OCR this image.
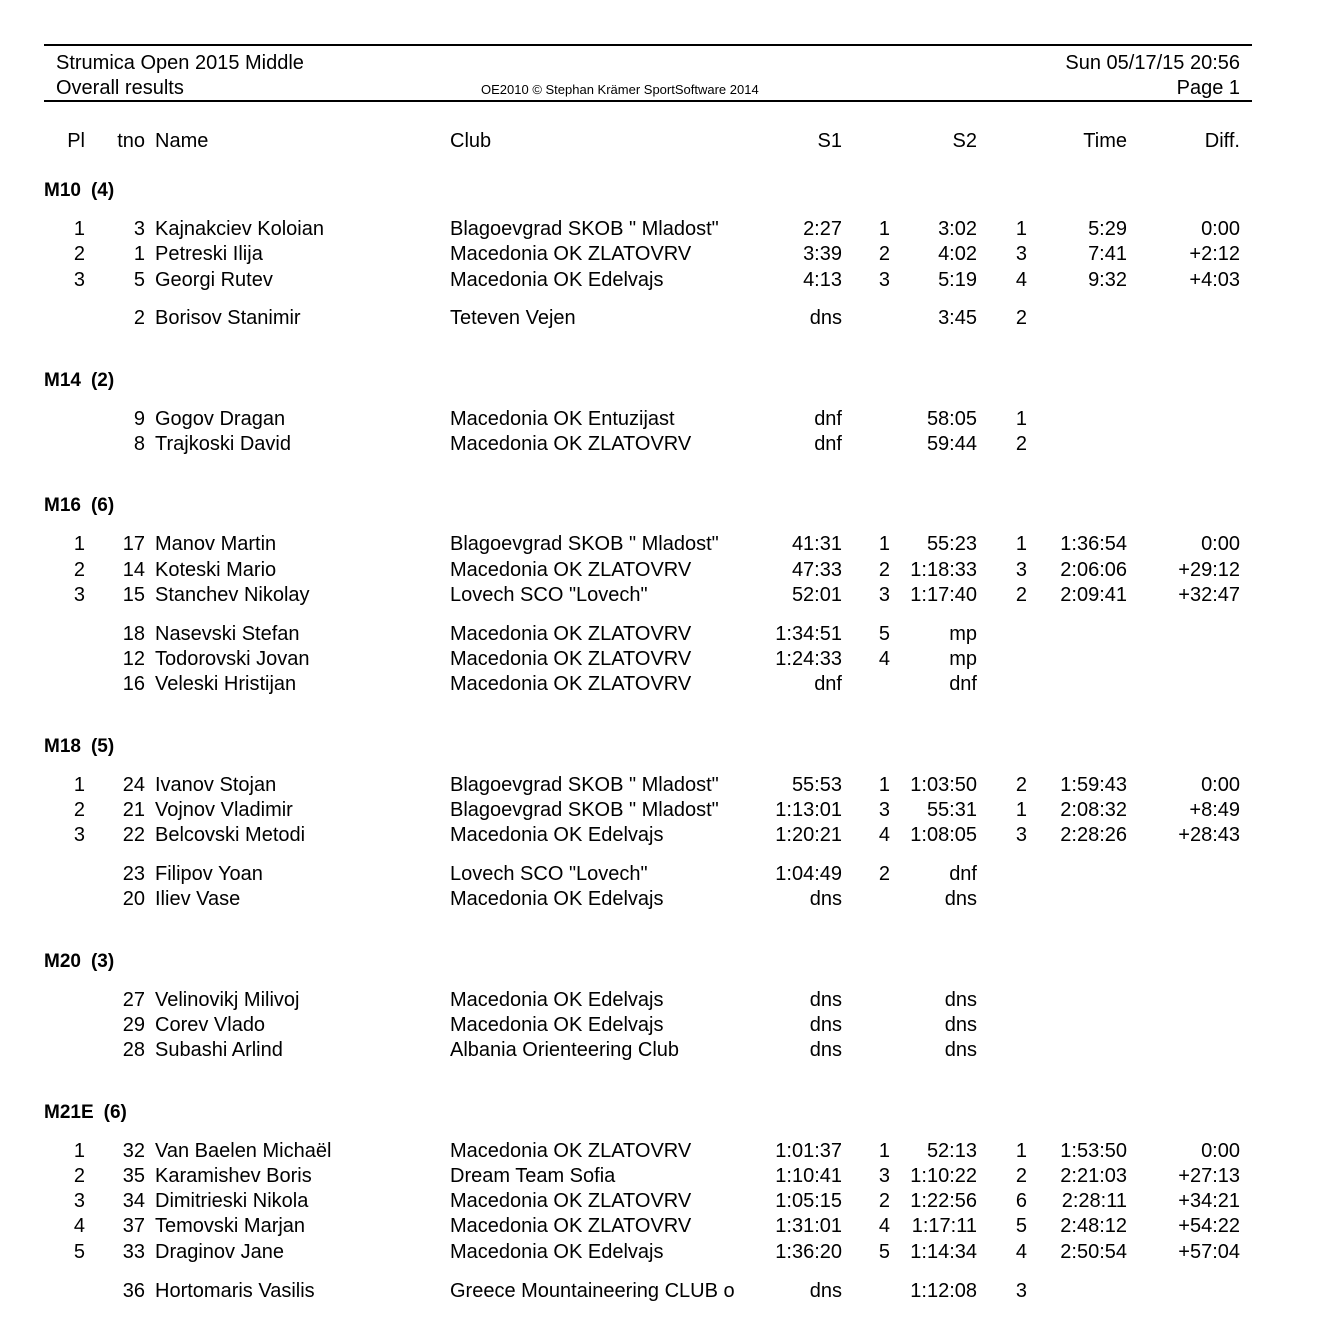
Strumica Open 2015 Middle
Overall results	OE2010 © Stephan Krämer SportSoftware 2014
Sun 05/17/15 20:56
Page 1
Pl tno Name	Club	S1	S2	Time	Diff.
M10 (4)
1 3 Kajnakciev Koloian	Blagoevgrad SKOB " Mladost"	2:27 1 3:02 1	5:29	0:00
2 1 Petreski Ilija	Macedonia OK ZLATOVRV	3:39 2 4:02 3	7:41	+2:12
3 5 Georgi Rutev	Macedonia OK Edelvajs	4:13 3 5:19 4	9:32	+4:03
2 Borisov Stanimir	Teteven Vejen	dns	3:45 2
M14 (2)
9 Gogov Dragan	Macedonia OK Entuzijast	dnf	58:05 1
8 Trajkoski David	Macedonia OK ZLATOVRV	dnf	59:44 2
M16 (6)
1 17 Manov Martin	Blagoevgrad SKOB " Mladost"	41:31 1 55:23 1 1:36:54	0:00
2 14 Koteski Mario	Macedonia OK ZLATOVRV	47:33 2 1:18:33 3 2:06:06	+29:12
3 15 Stanchev Nikolay	Lovech SCO "Lovech"	52:01 3 1:17:40 2 2:09:41	+32:47
18 Nasevski Stefan	Macedonia OK ZLATOVRV	1:34:51 5	mp
12 Todorovski Jovan	Macedonia OK ZLATOVRV	1:24:33 4	mp
16 Veleski Hristijan	Macedonia OK ZLATOVRV	dnf	dnf
M18 (5)
1 24 Ivanov Stojan	Blagoevgrad SKOB " Mladost"	55:53 1 1:03:50 2 1:59:43	0:00
2 21 Vojnov Vladimir	Blagoevgrad SKOB " Mladost"	1:13:01 3 55:31 1 2:08:32	+8:49
3 22 Belcovski Metodi	Macedonia OK Edelvajs	1:20:21 4 1:08:05 3 2:28:26	+28:43
23 Filipov Yoan	Lovech SCO "Lovech"	1:04:49 2	dnf
20 Iliev Vase	Macedonia OK Edelvajs	dns	dns
M20 (3)
27 Velinovikj Milivoj	Macedonia OK Edelvajs	dns	dns
29 Corev Vlado	Macedonia OK Edelvajs	dns	dns
28 Subashi Arlind	Albania Orienteering Club	dns	dns
M21E (6)
1 32 Van Baelen Michaël	Macedonia OK ZLATOVRV	1:01:37 1 52:13 1 1:53:50	0:00
2 35 Karamishev Boris	Dream Team Sofia	1:10:41 3 1:10:22 2 2:21:03	+27:13
3 34 Dimitrieski Nikola	Macedonia OK ZLATOVRV	1:05:15 2 1:22:56 6 2:28:11	+34:21
4 37 Temovski Marjan	Macedonia OK ZLATOVRV	1:31:01 4 1:17:11 5 2:48:12	+54:22
5 33 Draginov Jane	Macedonia OK Edelvajs	1:36:20 5 1:14:34 4 2:50:54	+57:04
36 Hortomaris Vasilis	Greece Mountaineering CLUB o	dns	1:12:08 3
